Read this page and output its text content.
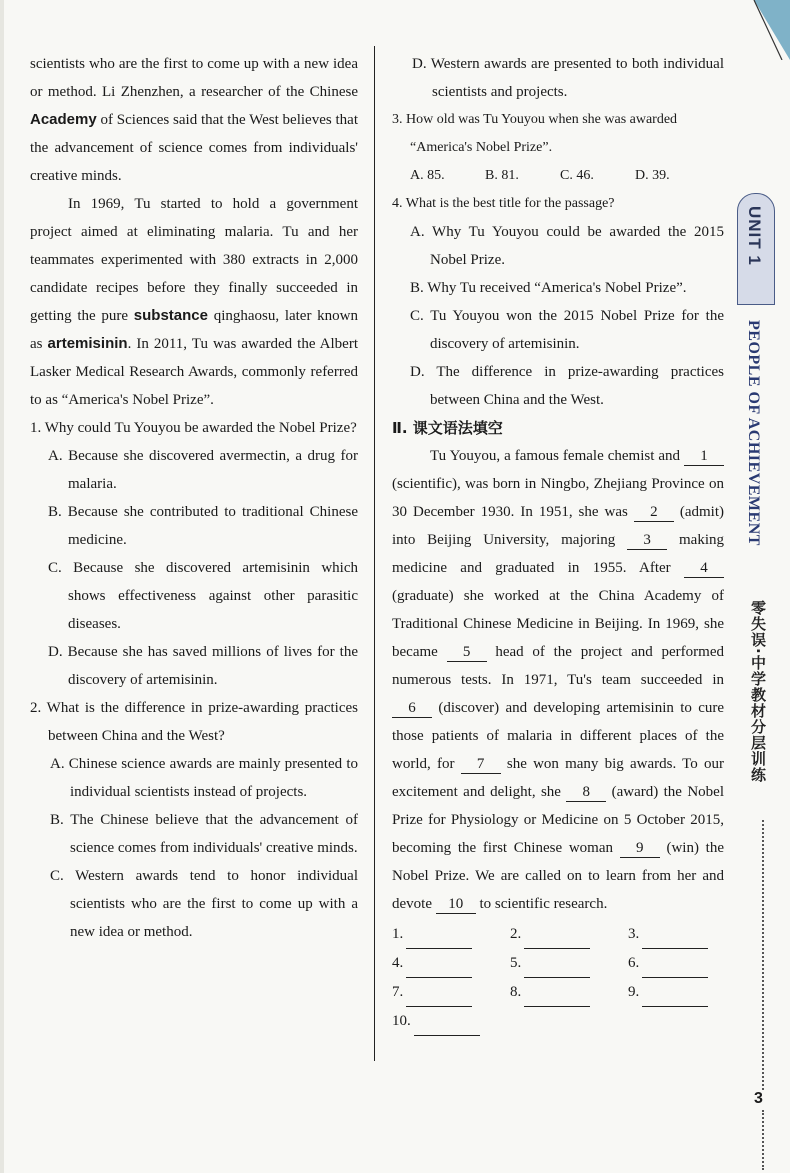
scientists who are the first to come up with a new idea or method. Li Zhenzhen, a researcher of the Chinese Academy of Sciences said that the West believes that the advancement of science comes from individuals' creative minds.

In 1969, Tu started to hold a government project aimed at eliminating malaria. Tu and her teammates experimented with 380 extracts in 2,000 candidate recipes before they finally succeeded in getting the pure substance qinghaosu, later known as artemisinin. In 2011, Tu was awarded the Albert Lasker Medical Research Awards, commonly referred to as “America's Nobel Prize”.

1. Why could Tu Youyou be awarded the Nobel Prize?

A. Because she discovered avermectin, a drug for malaria.

B. Because she contributed to traditional Chinese medicine.

C. Because she discovered artemisinin which shows effectiveness against other parasitic diseases.

D. Because she has saved millions of lives for the discovery of artemisinin.

2. What is the difference in prize-awarding practices between China and the West?

A. Chinese science awards are mainly presented to individual scientists instead of projects.

B. The Chinese believe that the advancement of science comes from individuals' creative minds.

C. Western awards tend to honor individual scientists who are the first to come up with a new idea or method.

D. Western awards are presented to both individual scientists and projects.

3. How old was Tu Youyou when she was awarded “America's Nobel Prize”.

A. 85.	B. 81.	C. 46.	D. 39.

4. What is the best title for the passage?

A. Why Tu Youyou could be awarded the 2015 Nobel Prize.

B. Why Tu received “America's Nobel Prize”.

C. Tu Youyou won the 2015 Nobel Prize for the discovery of artemisinin.

D. The difference in prize-awarding practices between China and the West.

Ⅱ. 课文语法填空

Tu Youyou, a famous female chemist and 1 (scientific), was born in Ningbo, Zhejiang Province on 30 December 1930. In 1951, she was 2 (admit) into Beijing University, majoring 3 making medicine and graduated in 1955. After 4 (graduate) she worked at the China Academy of Traditional Chinese Medicine in Beijing. In 1969, she became 5 head of the project and performed numerous tests. In 1971, Tu's team succeeded in 6 (discover) and developing artemisinin to cure those patients of malaria in different places of the world, for 7 she won many big awards. To our excitement and delight, she 8 (award) the Nobel Prize for Physiology or Medicine on 5 October 2015, becoming the first Chinese woman 9 (win) the Nobel Prize. We are called on to learn from her and devote 10 to scientific research.

1.	2.	3.
4.	5.	6.
7.	8.	9.
10.
UNIT 1
PEOPLE OF ACHIEVEMENT
零失误·中学教材分层训练
3
